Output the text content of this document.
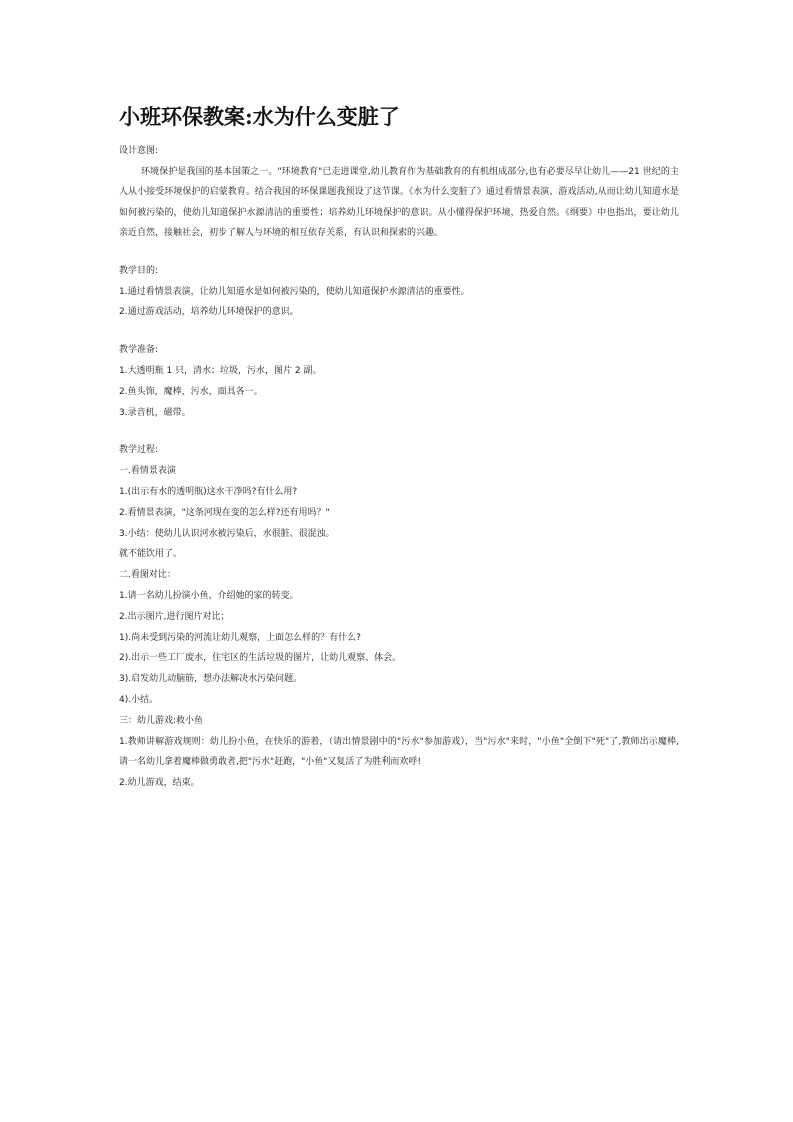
小班环保教案:水为什么变脏了
设计意图:

环境保护是我国的基本国策之一。"环境教育"已走进课堂,幼儿教育作为基础教育的有机组成部分,也有必要尽早让幼儿——21 世纪的主人从小接受环境保护的启蒙教育。结合我国的环保课题我预设了这节课。《水为什么变脏了》通过看情景表演、游戏活动,从而让幼儿知道水是如何被污染的，使幼儿知道保护水源清洁的重要性；培养幼儿环境保护的意识。从小懂得保护环境，热爱自然。《纲要》中也指出，要让幼儿亲近自然，接触社会，初步了解人与环境的相互依存关系，有认识和探索的兴趣。

教学目的:
1.通过看情景表演，让幼儿知道水是如何被污染的，使幼儿知道保护水源清洁的重要性。
2.通过游戏活动，培养幼儿环境保护的意识。
教学准备:
1.大透明瓶 1 只，清水；垃圾，污水，图片 2 副。
2.鱼头饰，魔棒，污水，面具各一。
3.录音机，磁带。
教学过程:
一.看情景表演
1.(出示有水的透明瓶)这水干净吗?有什么用?
2.看情景表演，"这条河现在变的怎么样?还有用吗？"
3.小结：使幼儿认识河水被污染后，水很脏、很混浊。
就不能饮用了。
二.看图对比：
1.请一名幼儿扮演小鱼，介绍她的家的转变。
2.出示图片,进行图片对比；
1).尚未受到污染的河流让幼儿观察，上面怎么样的？有什么?
2).出示一些工厂废水，住宅区的生活垃圾的图片，让幼儿观察、体会。
3).启发幼儿动脑筋，想办法解决水污染问题。
4).小结。
三：幼儿游戏:救小鱼

1.教师讲解游戏规则：幼儿扮小鱼，在快乐的游着，（请出情景剧中的"污水"参加游戏），当"污水"来时，"小鱼"全倒下"死"了,教师出示魔棒,请一名幼儿拿着魔棒做勇敢者,把"污水"赶跑，"小鱼"又复活了为胜利而欢呼!

2.幼儿游戏，结束。
